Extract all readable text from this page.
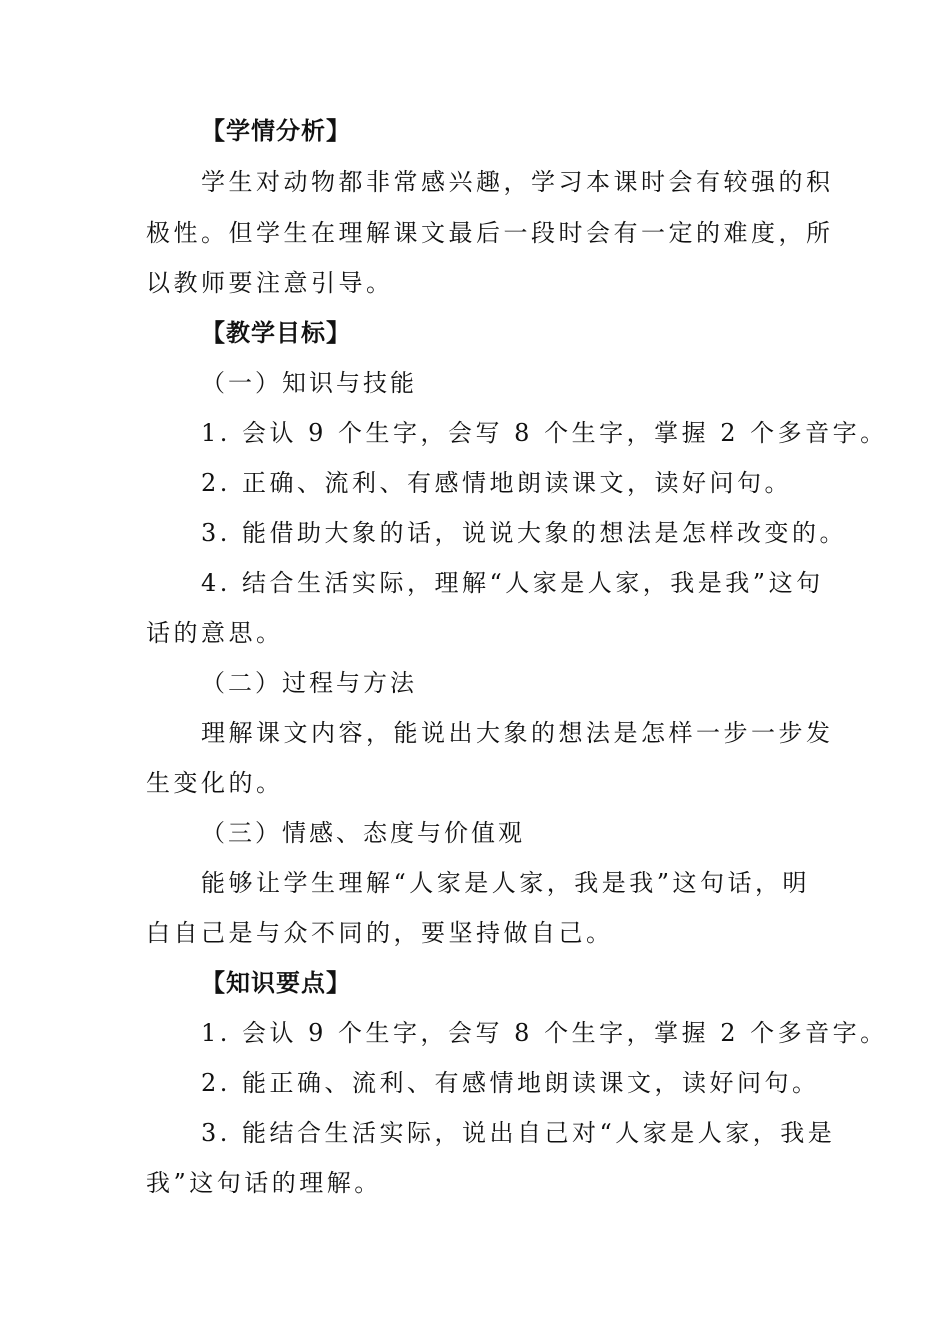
【学情分析】
学生对动物都非常感兴趣，学习本课时会有较强的积
极性。但学生在理解课文最后一段时会有一定的难度，所
以教师要注意引导。
【教学目标】
（一）知识与技能
1. 会认 9 个生字，会写 8 个生字，掌握 2 个多音字。
2. 正确、流利、有感情地朗读课文，读好问句。
3. 能借助大象的话，说说大象的想法是怎样改变的。
4. 结合生活实际，理解“人家是人家，我是我”这句
话的意思。
（二）过程与方法
理解课文内容，能说出大象的想法是怎样一步一步发
生变化的。
（三）情感、态度与价值观
能够让学生理解“人家是人家，我是我”这句话，明
白自己是与众不同的，要坚持做自己。
【知识要点】
1. 会认 9 个生字，会写 8 个生字，掌握 2 个多音字。
2. 能正确、流利、有感情地朗读课文，读好问句。
3. 能结合生活实际，说出自己对“人家是人家，我是
我”这句话的理解。
